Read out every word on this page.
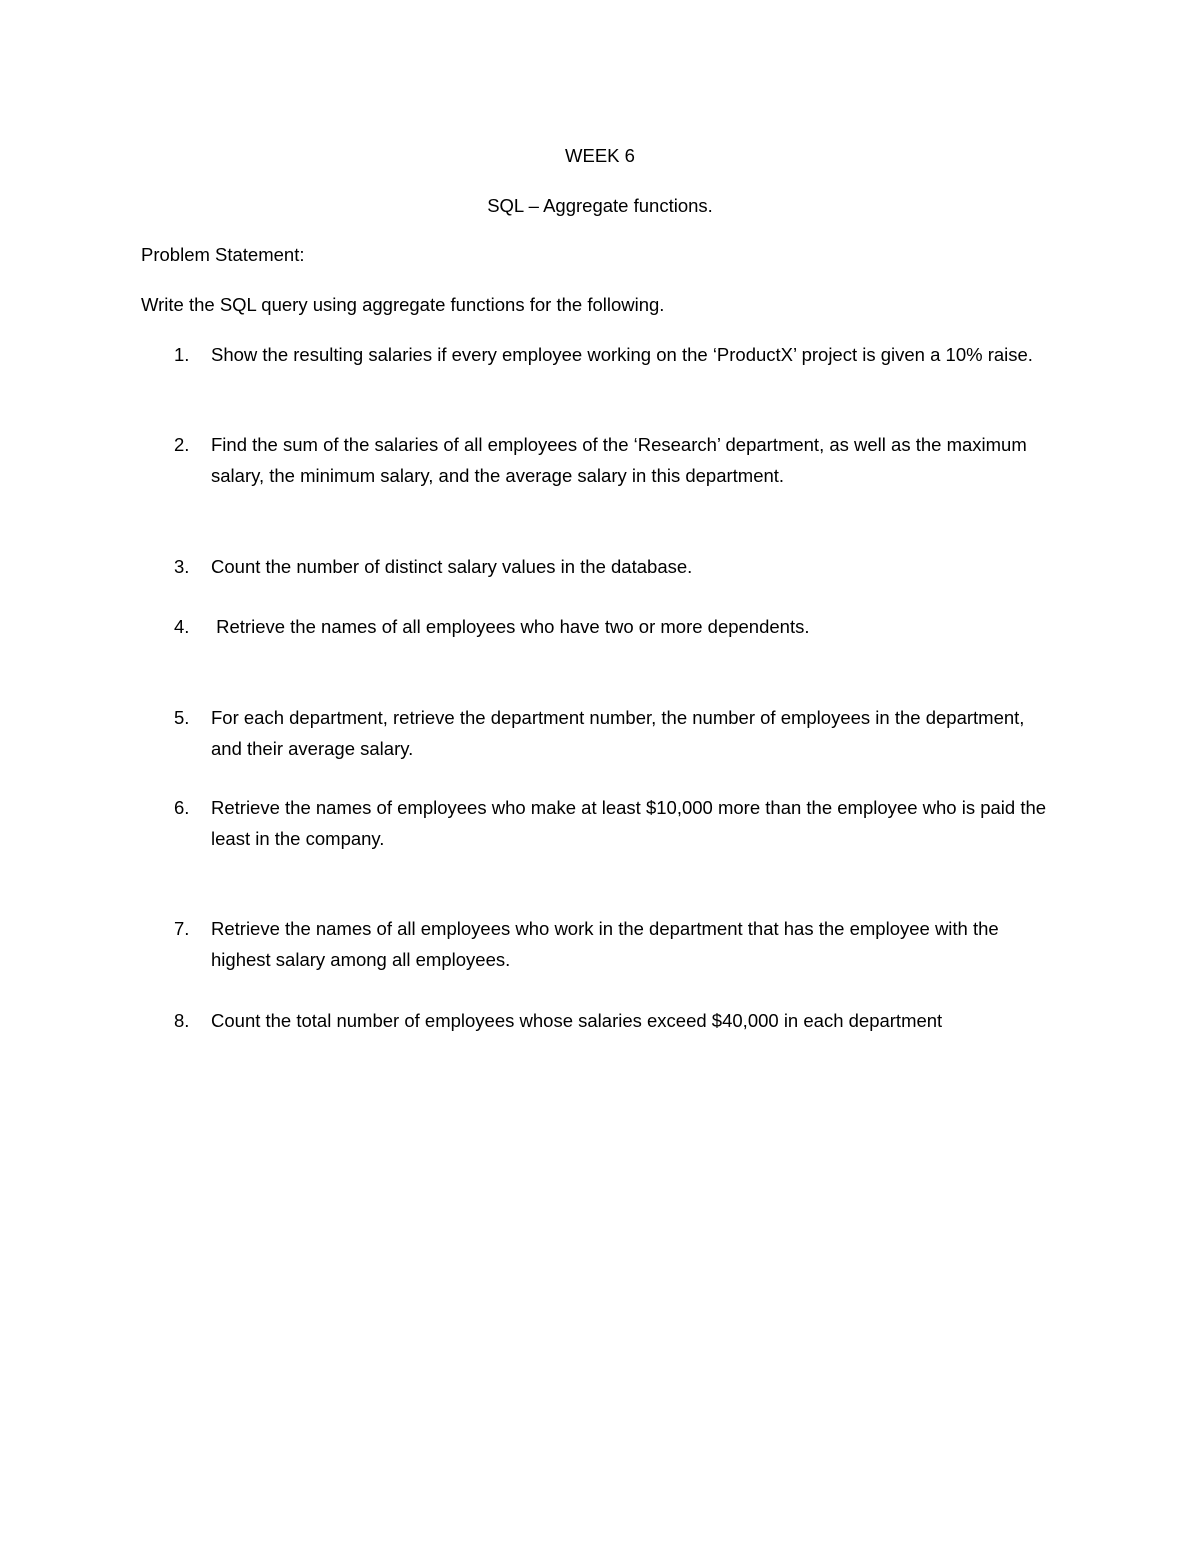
WEEK 6
SQL – Aggregate functions.
Problem Statement:
Write the SQL query using aggregate functions for the following.
1. Show the resulting salaries if every employee working on the ‘ProductX’ project is given a 10% raise.
2. Find the sum of the salaries of all employees of the ‘Research’ department, as well as the maximum salary, the minimum salary, and the average salary in this department.
3. Count the number of distinct salary values in the database.
4. Retrieve the names of all employees who have two or more dependents.
5. For each department, retrieve the department number, the number of employees in the department, and their average salary.
6. Retrieve the names of employees who make at least $10,000 more than the employee who is paid the least in the company.
7. Retrieve the names of all employees who work in the department that has the employee with the highest salary among all employees.
8. Count the total number of employees whose salaries exceed $40,000 in each department
